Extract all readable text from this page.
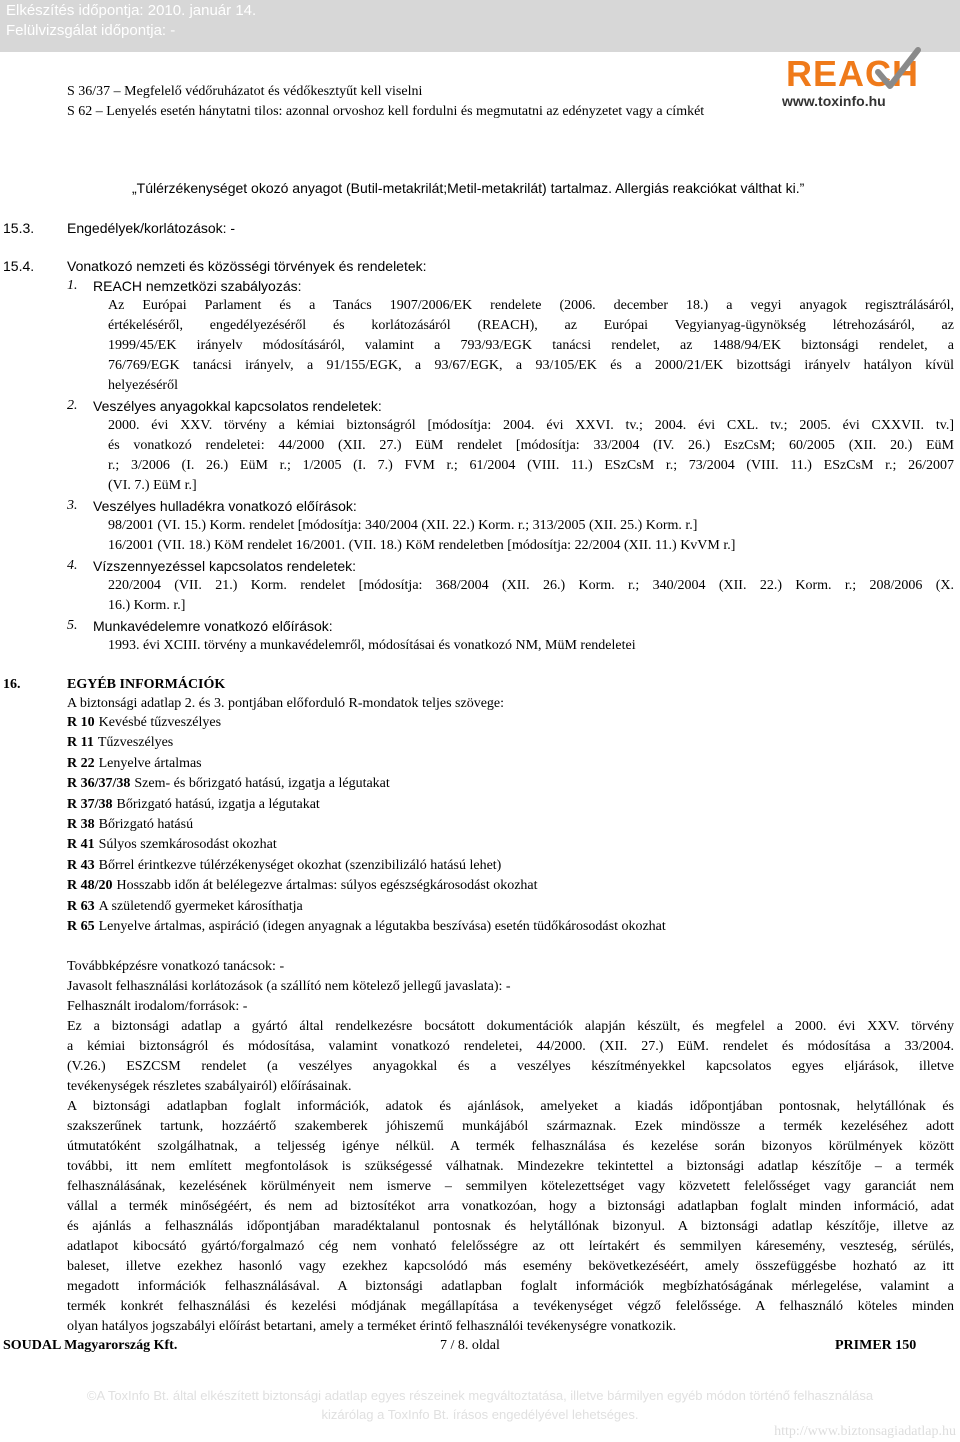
Elkészítés időpontja: 2010. január 14.
Felülvizsgálat időpontja: -
REACH
www.toxinfo.hu
S 36/37 – Megfelelő védőruházatot és védőkesztyűt kell viselni
S 62 – Lenyelés esetén hánytatni tilos: azonnal orvoshoz kell fordulni és megmutatni az edényzetet vagy a címkét
„Túlérzékenységet okozó anyagot (Butil-metakrilát;Metil-metakrilát) tartalmaz. Allergiás reakciókat válthat ki.”
15.3. Engedélyek/korlátozások: -
15.4. Vonatkozó nemzeti és közösségi törvények és rendeletek:
1. REACH nemzetközi szabályozás:
Az Európai Parlament és a Tanács 1907/2006/EK rendelete (2006. december 18.) a vegyi anyagok regisztrálásáról,
értékeléséről, engedélyezéséről és korlátozásáról (REACH), az Európai Vegyianyag-ügynökség létrehozásáról, az
1999/45/EK irányelv módosításáról, valamint a 793/93/EGK tanácsi rendelet, az 1488/94/EK biztonsági rendelet, a
76/769/EGK tanácsi irányelv, a 91/155/EGK, a 93/67/EGK, a 93/105/EK és a 2000/21/EK bizottsági irányelv hatályon kívül
helyezéséről
2. Veszélyes anyagokkal kapcsolatos rendeletek:
2000. évi XXV. törvény a kémiai biztonságról [módosítja: 2004. évi XXVI. tv.; 2004. évi CXL. tv.; 2005. évi CXXVII. tv.]
és vonatkozó rendeletei: 44/2000 (XII. 27.) EüM rendelet [módosítja: 33/2004 (IV. 26.) EszCsM; 60/2005 (XII. 20.) EüM
r.; 3/2006 (I. 26.) EüM r.; 1/2005 (I. 7.) FVM r.; 61/2004 (VIII. 11.) ESzCsM r.; 73/2004 (VIII. 11.) ESzCsM r.; 26/2007
(VI. 7.) EüM r.]
3. Veszélyes hulladékra vonatkozó előírások:
98/2001 (VI. 15.) Korm. rendelet [módosítja: 340/2004 (XII. 22.) Korm. r.; 313/2005 (XII. 25.) Korm. r.]
16/2001 (VII. 18.) KöM rendelet 16/2001. (VII. 18.) KöM rendeletben [módosítja: 22/2004 (XII. 11.) KvVM r.]
4. Vízszennyezéssel kapcsolatos rendeletek:
220/2004 (VII. 21.) Korm. rendelet [módosítja: 368/2004 (XII. 26.) Korm. r.; 340/2004 (XII. 22.) Korm. r.; 208/2006 (X.
16.) Korm. r.]
5. Munkavédelemre vonatkozó előírások:
1993. évi XCIII. törvény a munkavédelemről, módosításai és vonatkozó NM, MüM rendeletei
16.	EGYÉB INFORMÁCIÓK
A biztonsági adatlap 2. és 3. pontjában előforduló R-mondatok teljes szövege:
R 10 Kevésbé tűzveszélyes
R 11 Tűzveszélyes
R 22 Lenyelve ártalmas
R 36/37/38 Szem- és bőrizgató hatású, izgatja a légutakat
R 37/38 Bőrizgató hatású, izgatja a légutakat
R 38 Bőrizgató hatású
R 41 Súlyos szemkárosodást okozhat
R 43 Bőrrel érintkezve túlérzékenységet okozhat (szenzibilizáló hatású lehet)
R 48/20 Hosszabb időn át belélegezve ártalmas: súlyos egészségkárosodást okozhat
R 63 A születendő gyermeket károsíthatja
R 65 Lenyelve ártalmas, aspiráció (idegen anyagnak a légutakba beszívása) esetén tüdőkárosodást okozhat
Továbbképzésre vonatkozó tanácsok: -
Javasolt felhasználási korlátozások (a szállító nem kötelező jellegű javaslata): -
Felhasznált irodalom/források: -
Ez a biztonsági adatlap a gyártó által rendelkezésre bocsátott dokumentációk alapján készült, és megfelel a 2000. évi XXV. törvény
a kémiai biztonságról és módosítása, valamint vonatkozó rendeletei, 44/2000. (XII. 27.) EüM. rendelet és módosítása a 33/2004.
(V.26.) ESZCSM rendelet (a veszélyes anyagokkal és a veszélyes készítményekkel kapcsolatos egyes eljárások, illetve
tevékenységek részletes szabályairól) előírásainak.
A biztonsági adatlapban foglalt információk, adatok és ajánlások, amelyeket a kiadás időpontjában pontosnak, helytállónak és
szakszerűnek tartunk, hozzáértő szakemberek jóhiszemű munkájából származnak. Ezek mindössze a termék kezeléséhez adott
útmutatóként szolgálhatnak, a teljesség igénye nélkül. A termék felhasználása és kezelése során bizonyos körülmények között
további, itt nem említett megfontolások is szükségessé válhatnak. Mindezekre tekintettel a biztonsági adatlap készítője – a termék
felhasználásának, kezelésének körülményeit nem ismerve – semmilyen kötelezettséget vagy közvetett felelősséget vagy garanciát nem
vállal a termék minőségéért, és nem ad biztosítékot arra vonatkozóan, hogy a biztonsági adatlapban foglalt minden információ, adat
és ajánlás a felhasználás időpontjában maradéktalanul pontosnak és helytállónak bizonyul. A biztonsági adatlap készítője, illetve az
adatlapot kibocsátó gyártó/forgalmazó cég nem vonható felelősségre az ott leírtakért és semmilyen káresemény, veszteség, sérülés,
baleset, illetve ezekhez hasonló vagy ezekhez kapcsolódó más esemény bekövetkezéséért, amely összefüggésbe hozható az itt
megadott információk felhasználásával. A biztonsági adatlapban foglalt információk megbízhatóságának mérlegelése, valamint a
termék konkrét felhasználási és kezelési módjának megállapítása a tevékenységet végző felelőssége. A felhasználó köteles minden
olyan hatályos jogszabályi előírást betartani, amely a terméket érintő felhasználói tevékenységre vonatkozik.
SOUDAL Magyarország Kft.	7 / 8. oldal	PRIMER 150
©A ToxInfo Bt. által elkészített biztonsági adatlap egyes részeinek megváltoztatása, illetve bármilyen egyéb módon történő felhasználása
kizárólag a ToxInfo Bt. írásos engedélyével lehetséges.
http://www.biztonsagiadatlap.hu
